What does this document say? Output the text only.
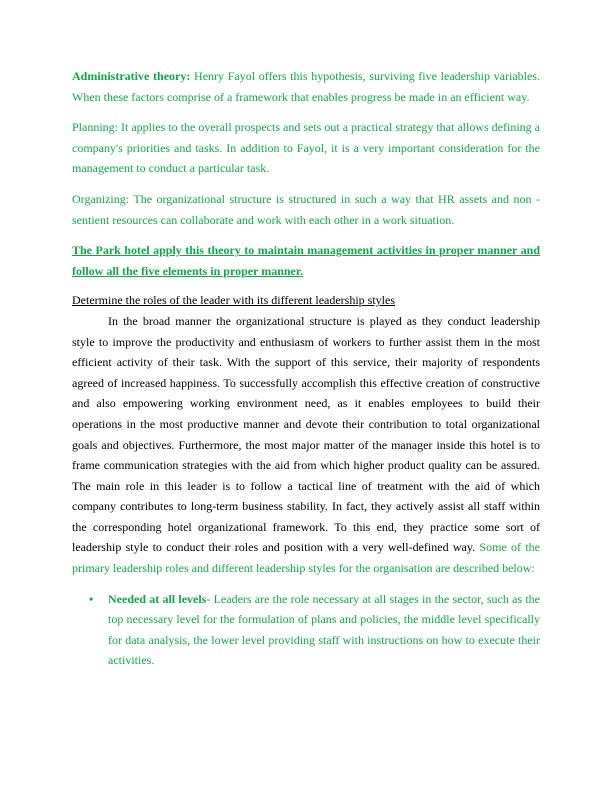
Administrative theory: Henry Fayol offers this hypothesis, surviving five leadership variables. When these factors comprise of a framework that enables progress be made in an efficient way.

Planning: It applies to the overall prospects and sets out a practical strategy that allows defining a company's priorities and tasks. In addition to Fayol, it is a very important consideration for the management to conduct a particular task.

Organizing: The organizational structure is structured in such a way that HR assets and non - sentient resources can collaborate and work with each other in a work situation.

The Park hotel apply this theory to maintain management activities in proper manner and follow all the five elements in proper manner.

Determine the roles of the leader with its different leadership styles

In the broad manner the organizational structure is played as they conduct leadership style to improve the productivity and enthusiasm of workers to further assist them in the most efficient activity of their task. With the support of this service, their majority of respondents agreed of increased happiness. To successfully accomplish this effective creation of constructive and also empowering working environment need, as it enables employees to build their operations in the most productive manner and devote their contribution to total organizational goals and objectives. Furthermore, the most major matter of the manager inside this hotel is to frame communication strategies with the aid from which higher product quality can be assured. The main role in this leader is to follow a tactical line of treatment with the aid of which company contributes to long-term business stability. In fact, they actively assist all staff within the corresponding hotel organizational framework. To this end, they practice some sort of leadership style to conduct their roles and position with a very well-defined way. Some of the primary leadership roles and different leadership styles for the organisation are described below:

• Needed at all levels- Leaders are the role necessary at all stages in the sector, such as the top necessary level for the formulation of plans and policies, the middle level specifically for data analysis, the lower level providing staff with instructions on how to execute their activities.
